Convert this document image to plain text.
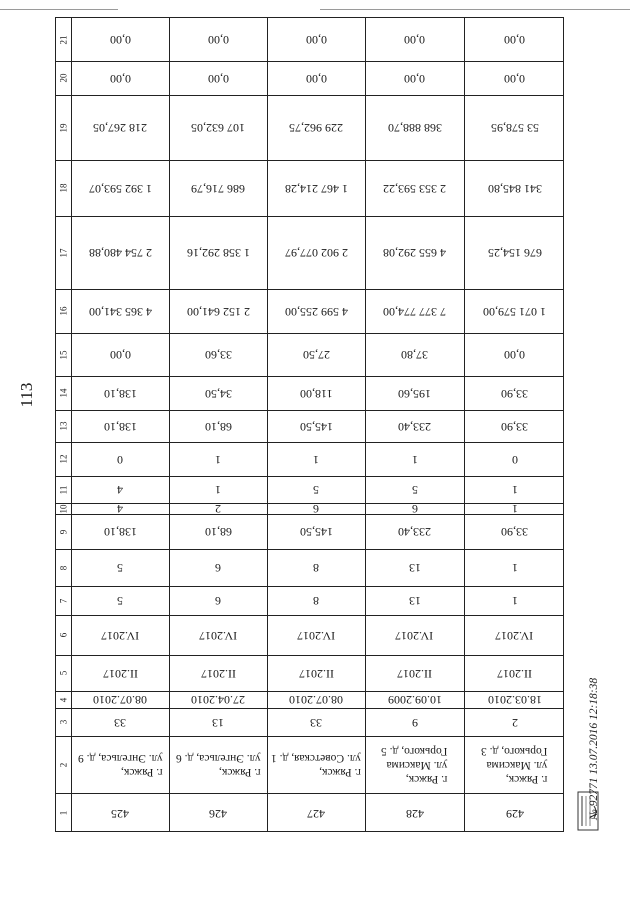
113
1
2
3
4
5
6
7
8
9
10
11
12
13
14
15
16
17
18
19
20
21
425
г. Ряжск,
ул. Энгельса, д. 9
33
08.07.2010
II.2017
IV.2017
5
5
138,10
4
4
0
138,10
138,10
0,00
4 365 341,00
2 754 480,88
1 392 593,07
218 267,05
0,00
0,00
426
г. Ряжск,
ул. Энгельса, д. 6
13
27.04.2010
II.2017
IV.2017
6
6
68,10
2
1
1
68,10
34,50
33,60
2 152 641,00
1 358 292,16
686 716,79
107 632,05
0,00
0,00
427
г. Ряжск,
ул. Советская, д. 1
33
08.07.2010
II.2017
IV.2017
8
8
145,50
6
5
1
145,50
118,00
27,50
4 599 255,00
2 902 077,97
1 467 214,28
229 962,75
0,00
0,00
428
г. Ряжск,
ул. Максима
Горького, д. 5
9
10.09.2009
II.2017
IV.2017
13
13
233,40
6
5
1
233,40
195,60
37,80
7 377 774,00
4 655 292,08
2 353 593,22
368 888,70
0,00
0,00
429
г. Ряжск,
ул. Максима
Горького, д. 3
2
18.03.2010
II.2017
IV.2017
1
1
33,90
1
1
0
33,90
33,90
0,00
1 071 579,00
676 154,25
341 845,80
53 578,95
0,00
0,00
№ 92771 13.07.2016 12:18:38
